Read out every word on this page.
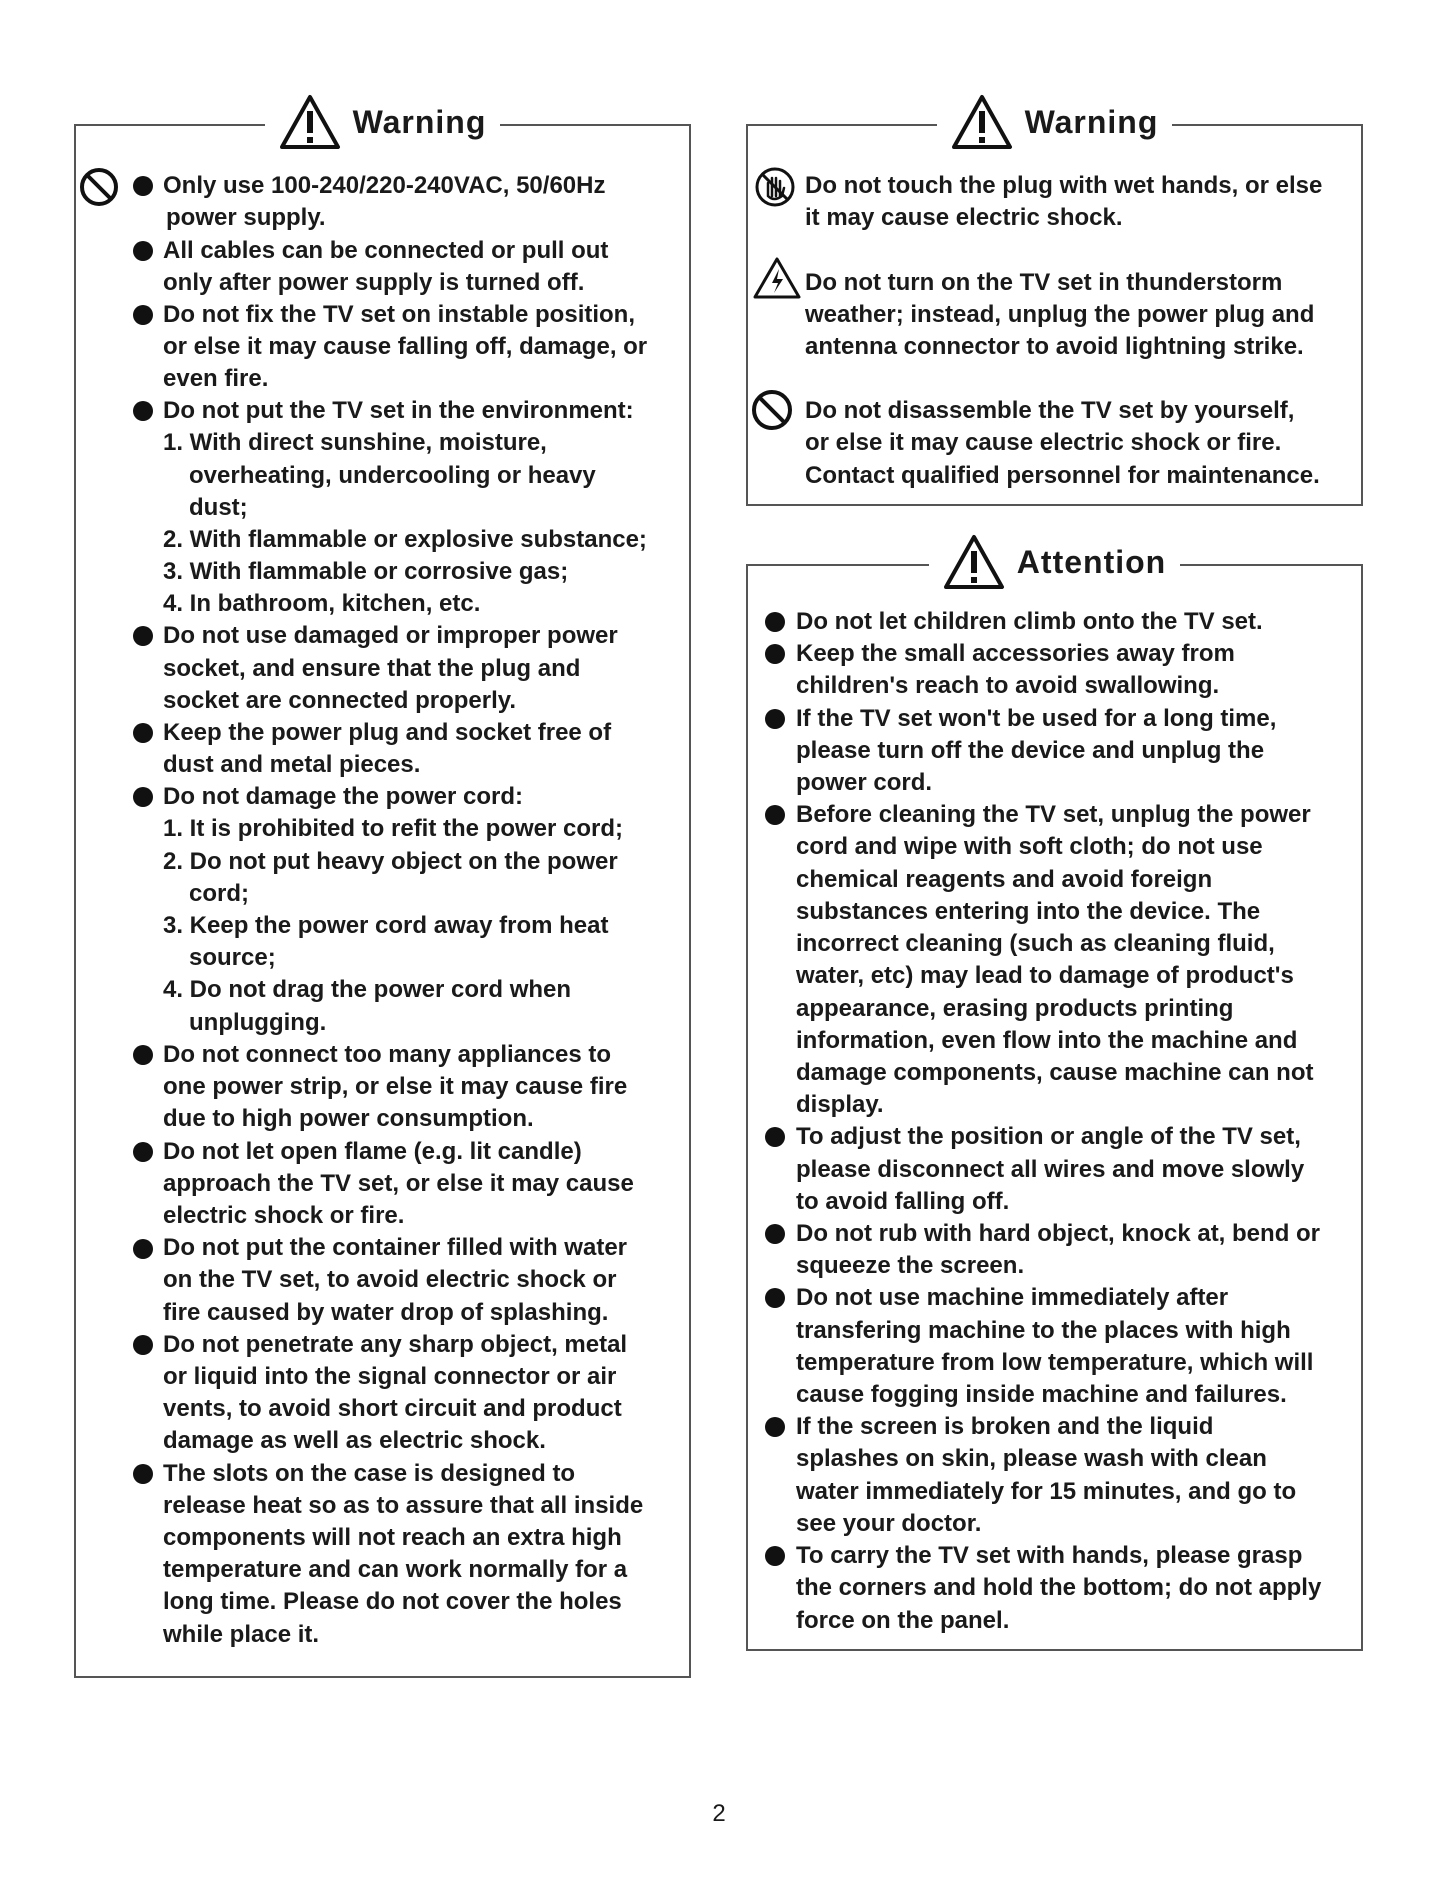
Warning
Only use 100-240/220-240VAC, 50/60Hz
power supply.
All cables can be connected or pull out
only after power supply is turned off.
Do not fix the TV set on instable position,
or else it may cause falling off, damage, or
even fire.
Do not put the TV set in the environment:
1. With direct sunshine, moisture,
overheating, undercooling or heavy
dust;
2. With flammable or explosive substance;
3. With flammable or corrosive gas;
4. In bathroom, kitchen, etc.
Do not use damaged or improper power
socket, and ensure that the plug and
socket are connected properly.
Keep the power plug and socket free of
dust and metal pieces.
Do not damage the power cord:
1. It is prohibited to refit the power cord;
2. Do not put heavy object on the power
cord;
3. Keep the power cord away from heat
source;
4. Do not drag the power cord when
unplugging.
Do not connect too many appliances to
one power strip, or else it may cause fire
due to high power consumption.
Do not let open flame (e.g. lit candle)
approach the TV set, or else it may cause
electric shock or fire.
Do not put the container filled with water
on the TV set, to avoid electric shock or
fire caused by water drop of splashing.
Do not penetrate any sharp object, metal
or liquid into the signal connector or air
vents, to avoid short circuit and product
damage as well as electric shock.
The slots on the case is designed to
release heat so as to assure that all inside
components will not reach an extra high
temperature and can work normally for a
long time. Please do not cover the holes
while place it.
Warning
Do not touch the plug with wet hands, or else
it may cause electric shock.
Do not turn on the TV set in thunderstorm
weather; instead, unplug the power plug and
antenna connector to avoid lightning strike.
Do not disassemble the TV set by yourself,
or else it may cause electric shock or fire.
Contact qualified personnel for maintenance.
Attention
Do not let children climb onto the TV set.
Keep the small accessories away from
children's reach to avoid swallowing.
If the TV set won't be used for a long time,
please turn off the device and unplug the
power cord.
Before cleaning the TV set, unplug the power
cord and wipe with soft cloth; do not use
chemical reagents and avoid foreign
substances entering into the device. The
incorrect cleaning (such as cleaning fluid,
water, etc) may lead to damage of product's
appearance, erasing products printing
information, even flow into the machine and
damage components, cause machine can not
display.
To adjust the position or angle of the TV set,
please disconnect all wires and move slowly
to avoid falling off.
Do not rub with hard object, knock at, bend or
squeeze the screen.
Do not use machine immediately after
transfering machine to the places with high
temperature from low temperature, which will
cause fogging inside machine and failures.
If the screen is broken and the liquid
splashes on skin, please wash with clean
water immediately for 15 minutes, and go to
see your doctor.
To carry the TV set with hands, please grasp
the corners and hold the bottom; do not apply
force on the panel.
2
